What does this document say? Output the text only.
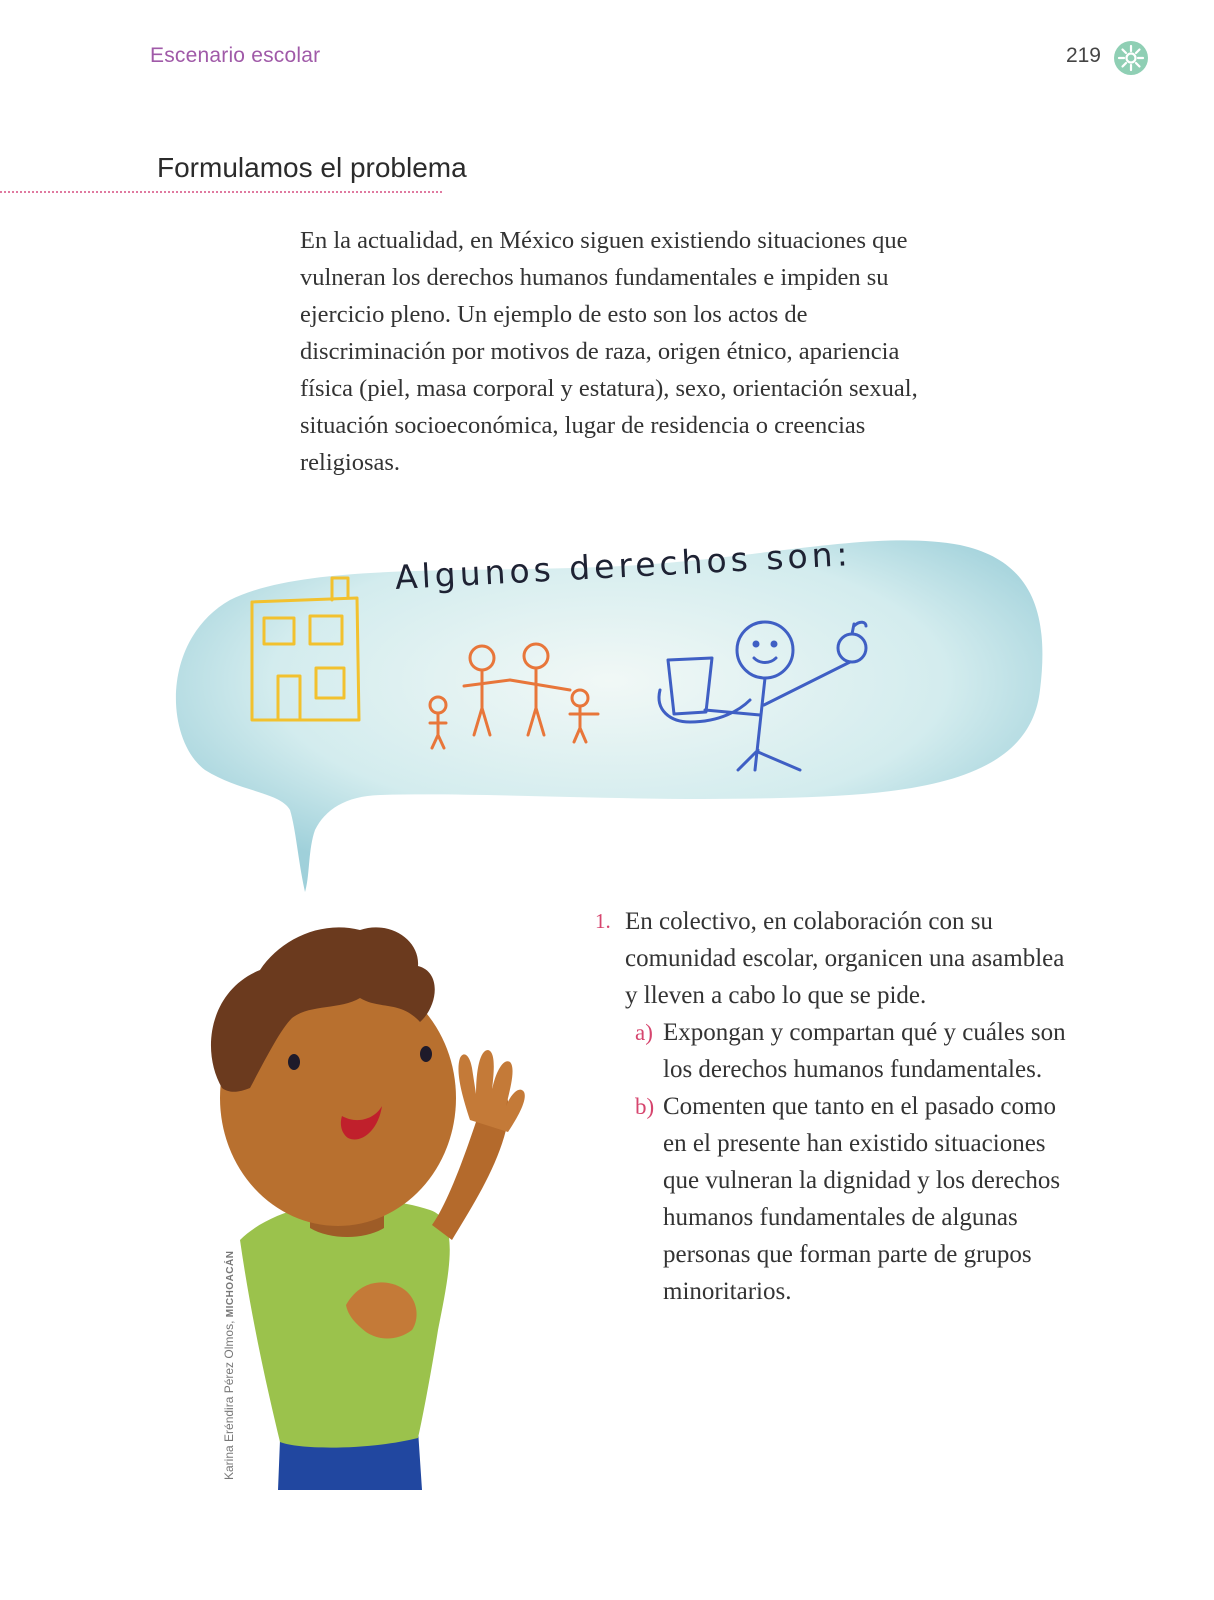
Escenario escolar	219
Formulamos el problema

En la actualidad, en México siguen existiendo situaciones que vulneran los derechos humanos fundamentales e impiden su ejercicio pleno. Un ejemplo de esto son los actos de discriminación por motivos de raza, origen étnico, apariencia física (piel, masa corporal y estatura), sexo, orientación sexual, situación socioeconómica, lugar de residencia o creencias religiosas.

Algunos derechos son:
Karina Eréndira Pérez Olmos, MICHOACÁN
1. En colectivo, en colaboración con su comunidad escolar, organicen una asamblea y lleven a cabo lo que se pide.
a) Expongan y compartan qué y cuáles son los derechos humanos fundamentales.
b) Comenten que tanto en el pasado como en el presente han existido situaciones que vulneran la dignidad y los derechos humanos fundamentales de algunas personas que forman parte de grupos minoritarios.
